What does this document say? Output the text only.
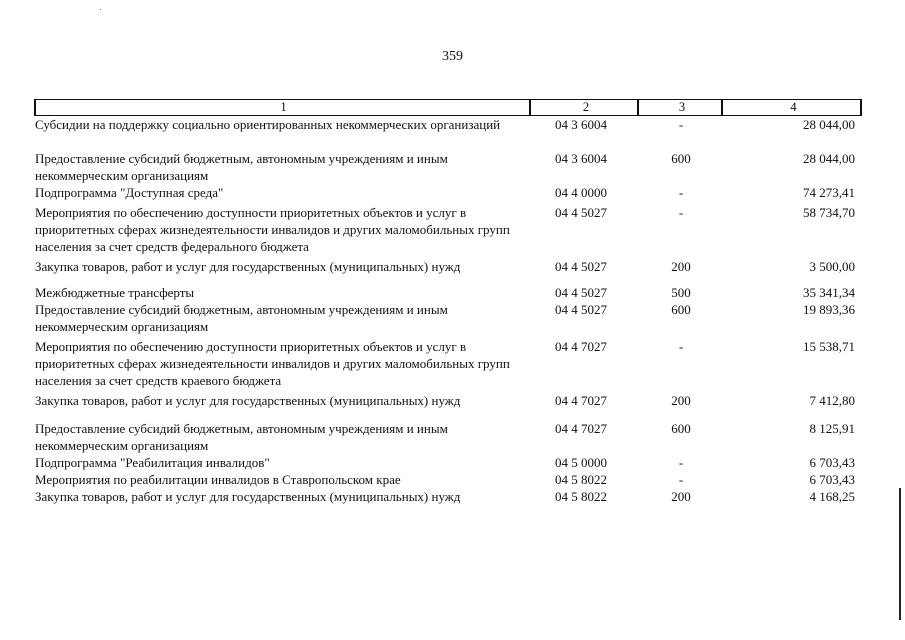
359
1	2	3	4
Субсидии на поддержку социально ориентированных некоммерческих организаций	04 3 6004	-	28 044,00
Предоставление субсидий бюджетным, автономным учреждениям и иным некоммерческим организациям
04 3 6004	600	28 044,00
Подпрограмма "Доступная среда"	04 4 0000	-	74 273,41
Мероприятия по обеспечению доступности приоритетных объектов и услуг в приоритетных сферах жизнедеятельности инвалидов и других маломобильных групп населения за счет средств федерального бюджета
04 4 5027	-	58 734,70
Закупка товаров, работ и услуг для государственных (муниципальных) нужд	04 4 5027	200	3 500,00
Межбюджетные трансферты	04 4 5027	500	35 341,34
Предоставление субсидий бюджетным, автономным учреждениям и иным некоммерческим организациям
04 4 5027	600	19 893,36
Мероприятия по обеспечению доступности приоритетных объектов и услуг в приоритетных сферах жизнедеятельности инвалидов и других маломобильных групп населения за счет средств краевого бюджета
04 4 7027	-	15 538,71
Закупка товаров, работ и услуг для государственных (муниципальных) нужд	04 4 7027	200	7 412,80
Предоставление субсидий бюджетным, автономным учреждениям и иным некоммерческим организациям
04 4 7027	600	8 125,91
Подпрограмма "Реабилитация инвалидов"	04 5 0000	-	6 703,43
Мероприятия по реабилитации инвалидов в Ставропольском крае	04 5 8022	-	6 703,43
Закупка товаров, работ и услуг для государственных (муниципальных) нужд	04 5 8022	200	4 168,25
